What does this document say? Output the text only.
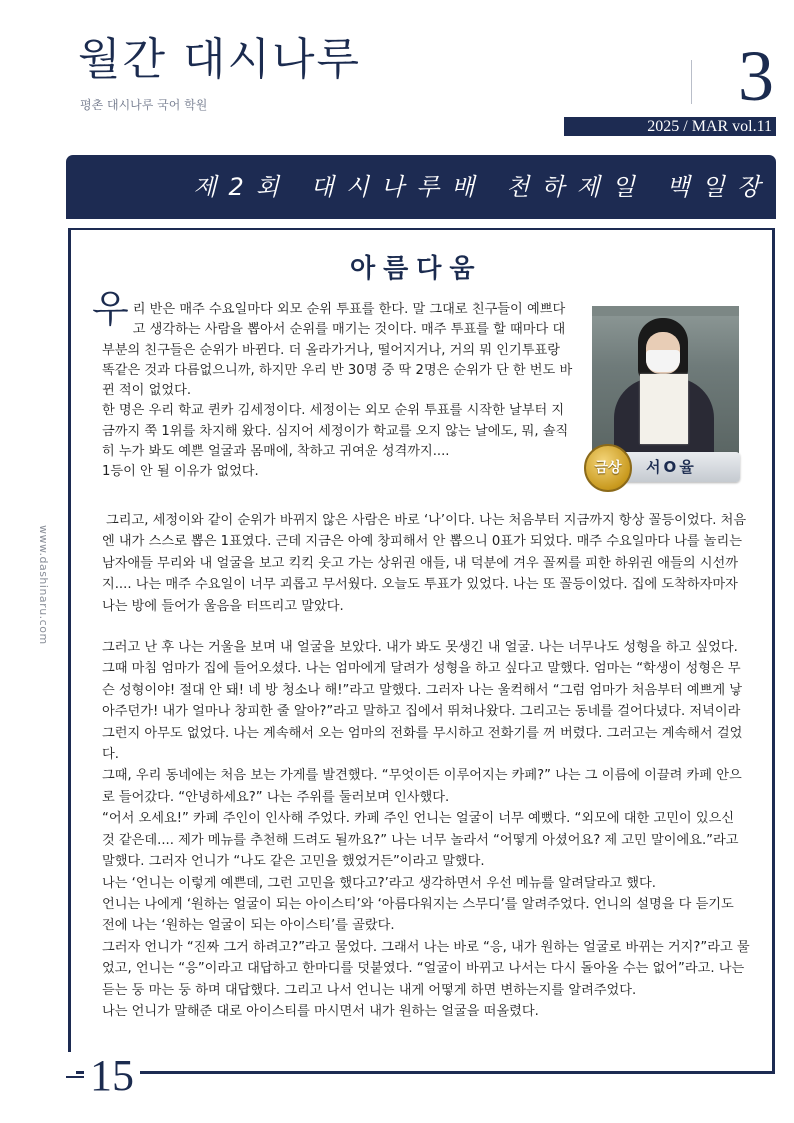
월간 대시나루
평촌 대시나루 국어 학원	3
2025 / MAR vol.11
제2회 대시나루배 천하제일 백일장
www.dashinaru.com
아름다움
우 리 반은 매주 수요일마다 외모 순위 투표를 한다. 말 그대로 친구들이 예쁘다고 생각하는 사람을 뽑아서 순위를 매기는 것이다. 매주 투표를 할 때마다 대부분의 친구들은 순위가 바뀐다. 더 올라가거나, 떨어지거나, 거의 뭐 인기투표랑 똑같은 것과 다름없으니까, 하지만 우리 반 30명 중 딱 2명은 순위가 단 한 번도 바뀐 적이 없었다.

한 명은 우리 학교 퀸카 김세정이다. 세정이는 외모 순위 투표를 시작한 날부터 지금까지 쭉 1위를 차지해 왔다. 심지어 세정이가 학교를 오지 않는 날에도, 뭐, 솔직히 누가 봐도 예쁜 얼굴과 몸매에, 착하고 귀여운 성격까지....

1등이 안 될 이유가 없었다.	서O율
금상

그리고, 세정이와 같이 순위가 바뀌지 않은 사람은 바로 ‘나’이다. 나는 처음부터 지금까지 항상 꼴등이었다. 처음엔 내가 스스로 뽑은 1표였다. 근데 지금은 아예 창피해서 안 뽑으니 0표가 되었다. 매주 수요일마다 나를 놀리는 남자애들 무리와 내 얼굴을 보고 킥킥 웃고 가는 상위권 애들, 내 덕분에 겨우 꼴찌를 피한 하위권 애들의 시선까지.... 나는 매주 수요일이 너무 괴롭고 무서웠다. 오늘도 투표가 있었다. 나는 또 꼴등이었다. 집에 도착하자마자 나는 방에 들어가 울음을 터뜨리고 말았다.

그러고 난 후 나는 거울을 보며 내 얼굴을 보았다. 내가 봐도 못생긴 내 얼굴. 나는 너무나도 성형을 하고 싶었다. 그때 마침 엄마가 집에 들어오셨다. 나는 엄마에게 달려가 성형을 하고 싶다고 말했다. 엄마는 “학생이 성형은 무슨 성형이야! 절대 안 돼! 네 방 청소나 해!”라고 말했다. 그러자 나는 울컥해서 “그럼 엄마가 처음부터 예쁘게 낳아주던가! 내가 얼마나 창피한 줄 알아?”라고 말하고 집에서 뛰쳐나왔다. 그리고는 동네를 걸어다녔다. 저녁이라 그런지 아무도 없었다. 나는 계속해서 오는 엄마의 전화를 무시하고 전화기를 꺼 버렸다. 그러고는 계속해서 걸었다.

그때, 우리 동네에는 처음 보는 가게를 발견했다. “무엇이든 이루어지는 카페?” 나는 그 이름에 이끌려 카페 안으로 들어갔다. “안녕하세요?” 나는 주위를 둘러보며 인사했다.

“어서 오세요!” 카페 주인이 인사해 주었다. 카페 주인 언니는 얼굴이 너무 예뻤다. “외모에 대한 고민이 있으신 것 같은데.... 제가 메뉴를 추천해 드려도 될까요?” 나는 너무 놀라서 “어떻게 아셨어요? 제 고민 말이에요.”라고 말했다. 그러자 언니가 “나도 같은 고민을 했었거든”이라고 말했다.

나는 ‘언니는 이렇게 예쁜데, 그런 고민을 했다고?’라고 생각하면서 우선 메뉴를 알려달라고 했다.

언니는 나에게 ‘원하는 얼굴이 되는 아이스티’와 ‘아름다워지는 스무디’를 알려주었다. 언니의 설명을 다 듣기도 전에 나는 ‘원하는 얼굴이 되는 아이스티’를 골랐다.

그러자 언니가 “진짜 그거 하려고?”라고 물었다. 그래서 나는 바로 “응, 내가 원하는 얼굴로 바뀌는 거지?”라고 물었고, 언니는 “응”이라고 대답하고 한마디를 덧붙였다. “얼굴이 바뀌고 나서는 다시 돌아올 수는 없어”라고. 나는 듣는 둥 마는 둥 하며 대답했다. 그리고 나서 언니는 내게 어떻게 하면 변하는지를 알려주었다.

나는 언니가 말해준 대로 아이스티를 마시면서 내가 원하는 얼굴을 떠올렸다.

15
